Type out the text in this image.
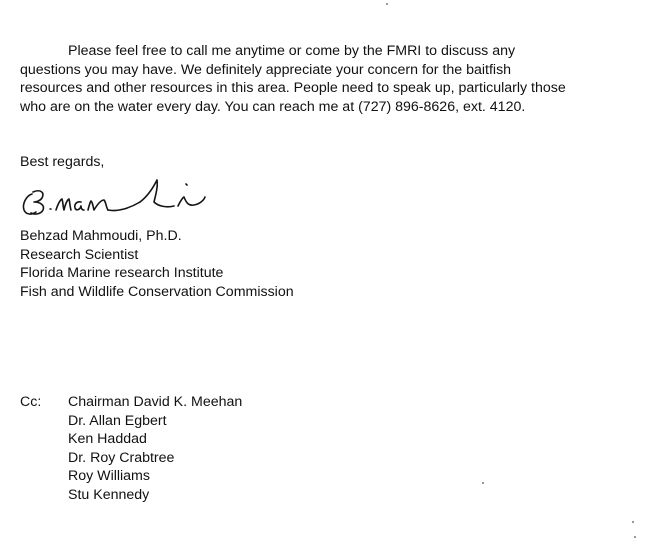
Please feel free to call me anytime or come by the FMRI to discuss any
questions you may have. We definitely appreciate your concern for the baitfish
resources and other resources in this area. People need to speak up, particularly those
who are on the water every day. You can reach me at (727) 896-8626, ext. 4120.
Best regards,
Behzad Mahmoudi, Ph.D.
Research Scientist
Florida Marine research Institute
Fish and Wildlife Conservation Commission
Cc: Chairman David K. Meehan
Dr. Allan Egbert
Ken Haddad
Dr. Roy Crabtree
Roy Williams
Stu Kennedy
